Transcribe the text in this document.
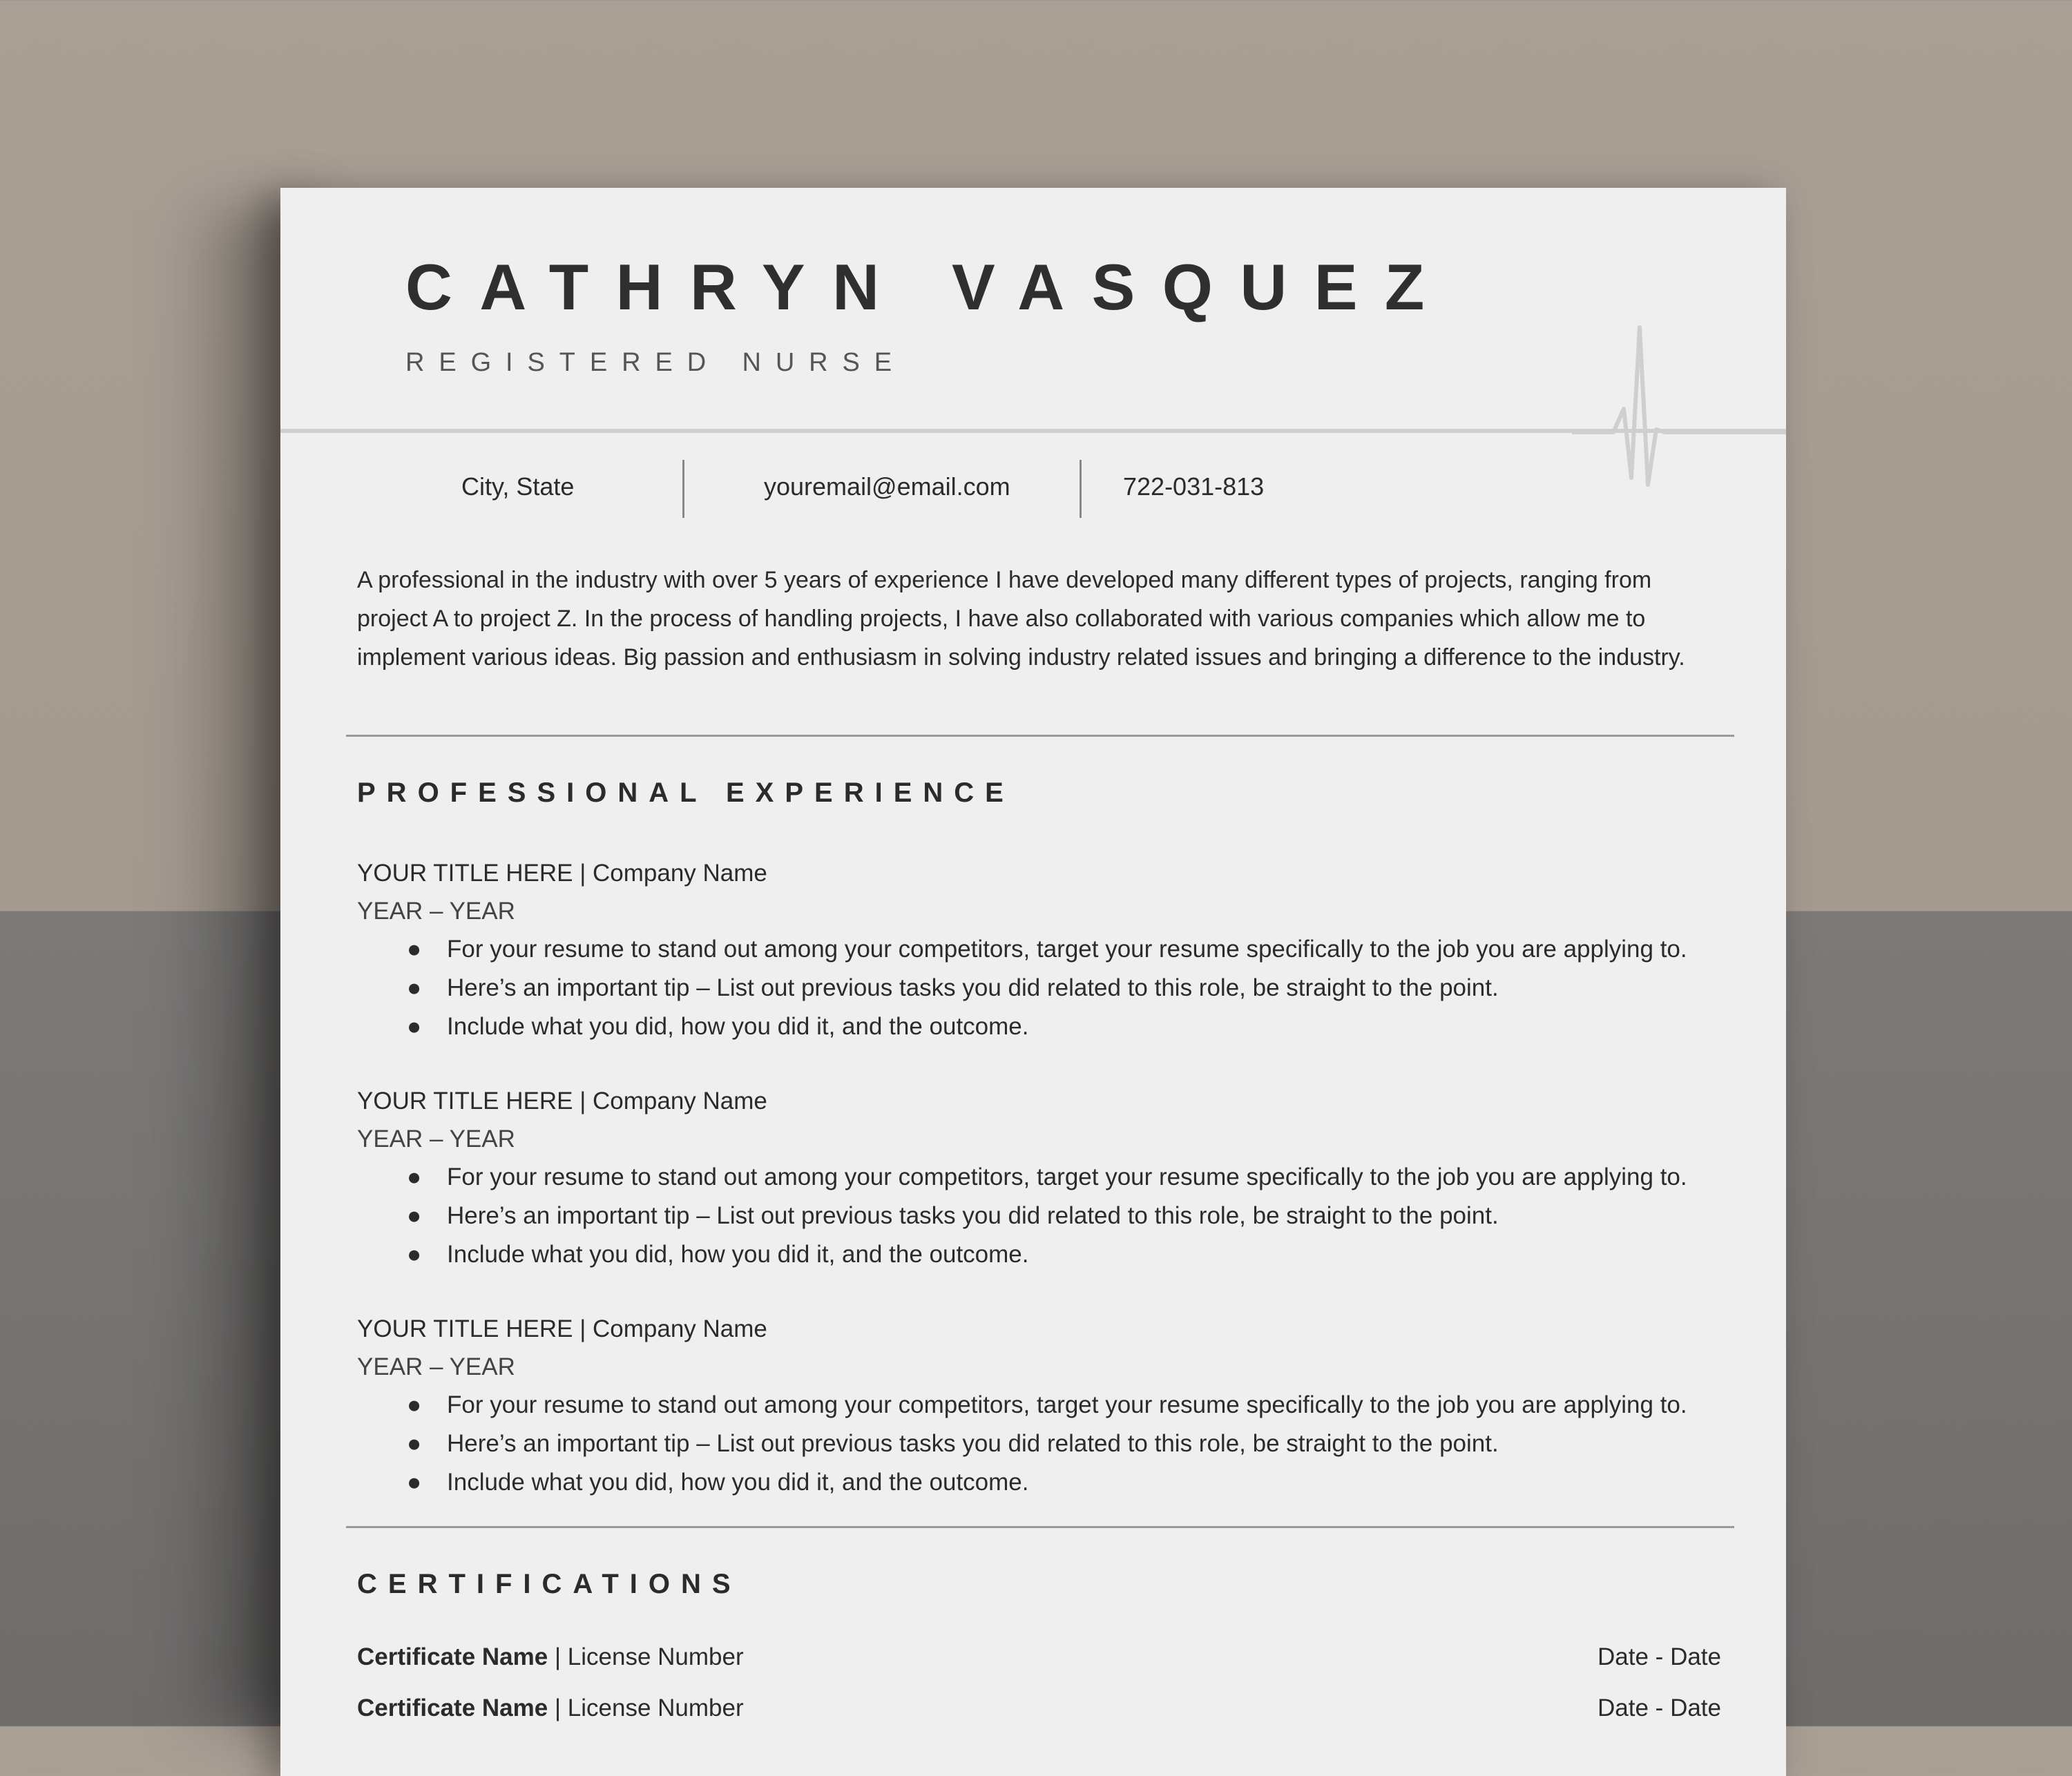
CATHRYN VASQUEZ
REGISTERED NURSE
City, State	youremail@email.com	722-031-813
A professional in the industry with over 5 years of experience I have developed many different types of projects, ranging from project A to project Z. In the process of handling projects, I have also collaborated with various companies which allow me to implement various ideas. Big passion and enthusiasm in solving industry related issues and bringing a difference to the industry.
PROFESSIONAL EXPERIENCE
YOUR TITLE HERE | Company Name
YEAR – YEAR
● For your resume to stand out among your competitors, target your resume specifically to the job you are applying to.
● Here’s an important tip – List out previous tasks you did related to this role, be straight to the point.
● Include what you did, how you did it, and the outcome.
YOUR TITLE HERE | Company Name
YEAR – YEAR
● For your resume to stand out among your competitors, target your resume specifically to the job you are applying to.
● Here’s an important tip – List out previous tasks you did related to this role, be straight to the point.
● Include what you did, how you did it, and the outcome.
YOUR TITLE HERE | Company Name
YEAR – YEAR
● For your resume to stand out among your competitors, target your resume specifically to the job you are applying to.
● Here’s an important tip – List out previous tasks you did related to this role, be straight to the point.
● Include what you did, how you did it, and the outcome.
CERTIFICATIONS
Certificate Name | License Number	Date - Date
Certificate Name | License Number	Date - Date
